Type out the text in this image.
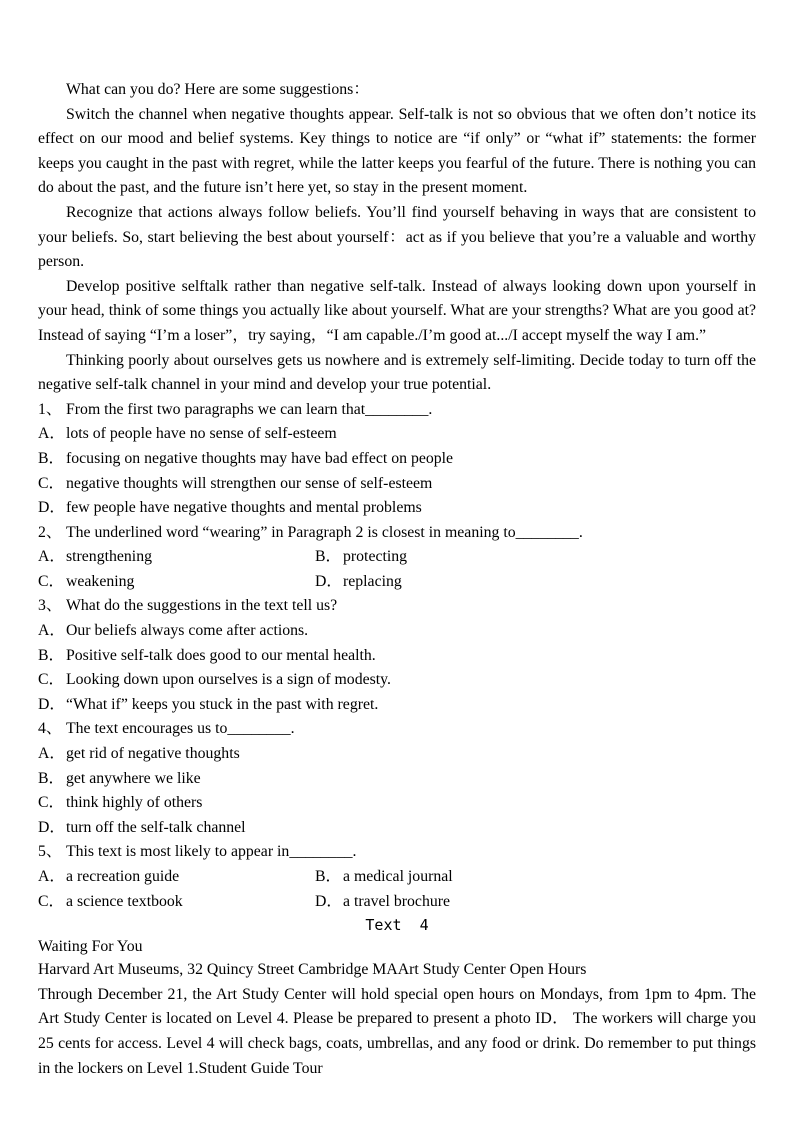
What can you do? Here are some suggestions：

Switch the channel when negative thoughts appear. Self-talk is not so obvious that we often don’t notice its effect on our mood and belief systems. Key things to notice are “if only” or “what if” statements: the former keeps you caught in the past with regret, while the latter keeps you fearful of the future. There is nothing you can do about the past, and the future isn’t here yet, so stay in the present moment.

Recognize that actions always follow beliefs. You’ll find yourself behaving in ways that are consistent to your beliefs. So, start believing the best about yourself：act as if you believe that you’re a valuable and worthy person.

Develop positive selftalk rather than negative self-talk. Instead of always looking down upon yourself in your head, think of some things you actually like about yourself. What are your strengths? What are you good at? Instead of saying “I’m a loser”，try saying，“I am capable./I’m good at.../I accept myself the way I am.”

Thinking poorly about ourselves gets us nowhere and is extremely self-limiting. Decide today to turn off the negative self-talk channel in your mind and develop your true potential.

1、 From the first two paragraphs we can learn that________.
A．lots of people have no sense of self-esteem
B． focusing on negative thoughts may have bad effect on people
C． negative thoughts will strengthen our sense of self-esteem
D．few people have negative thoughts and mental problems
2、 The underlined word “wearing” in Paragraph 2 is closest in meaning to________.
A．strengthening	B． protecting
C． weakening	D．replacing
3、 What do the suggestions in the text tell us?
A．Our beliefs always come after actions.
B． Positive self-talk does good to our mental health.
C． Looking down upon ourselves is a sign of modesty.
D．“What if” keeps you stuck in the past with regret.
4、 The text encourages us to________.
A．get rid of negative thoughts
B． get anywhere we like
C． think highly of others
D．turn off the self-talk channel
5、 This text is most likely to appear in________.
A．a recreation guide	B． a medical journal
C． a science textbook	D．a travel brochure
Text  4
Waiting For You
Harvard Art Museums, 32 Quincy Street Cambridge MAArt Study Center Open Hours

Through December 21, the Art Study Center will hold special open hours on Mondays, from 1pm to 4pm. The Art Study Center is located on Level 4. Please be prepared to present a photo ID． The workers will charge you 25 cents for access. Level 4 will check bags, coats, umbrellas, and any food or drink. Do remember to put things in the lockers on Level 1.Student Guide Tour
